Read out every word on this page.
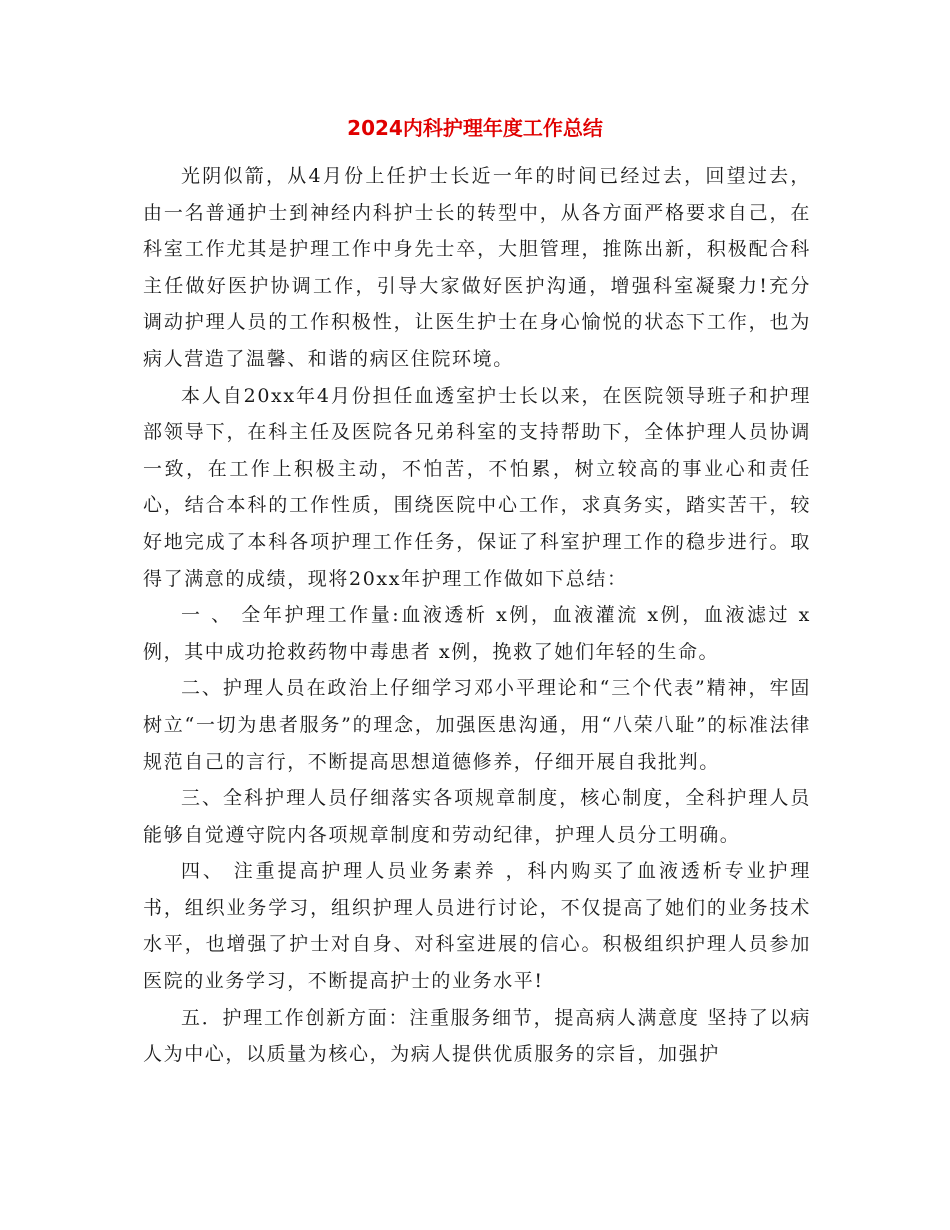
2024内科护理年度工作总结

光阴似箭，从4月份上任护士长近一年的时间已经过去，回望过去，由一名普通护士到神经内科护士长的转型中，从各方面严格要求自己，在科室工作尤其是护理工作中身先士卒，大胆管理，推陈出新，积极配合科主任做好医护协调工作，引导大家做好医护沟通，增强科室凝聚力!充分调动护理人员的工作积极性，让医生护士在身心愉悦的状态下工作，也为病人营造了温馨、和谐的病区住院环境。

本人自20xx年4月份担任血透室护士长以来，在医院领导班子和护理部领导下，在科主任及医院各兄弟科室的支持帮助下，全体护理人员协调一致，在工作上积极主动，不怕苦，不怕累，树立较高的事业心和责任心，结合本科的工作性质，围绕医院中心工作，求真务实，踏实苦干，较好地完成了本科各项护理工作任务，保证了科室护理工作的稳步进行。取得了满意的成绩，现将20xx年护理工作做如下总结：

一 、 全年护理工作量:血液透析 x例，血液灌流 x例，血液滤过 x例，其中成功抢救药物中毒患者 x例，挽救了她们年轻的生命。

二、护理人员在政治上仔细学习邓小平理论和“三个代表”精神，牢固树立“一切为患者服务”的理念，加强医患沟通，用“八荣八耻”的标准法律规范自己的言行，不断提高思想道德修养，仔细开展自我批判。

三、全科护理人员仔细落实各项规章制度，核心制度，全科护理人员能够自觉遵守院内各项规章制度和劳动纪律，护理人员分工明确。

四、 注重提高护理人员业务素养 ，科内购买了血液透析专业护理书，组织业务学习，组织护理人员进行讨论，不仅提高了她们的业务技术水平，也增强了护士对自身、对科室进展的信心。积极组织护理人员参加医院的业务学习，不断提高护士的业务水平!

五．护理工作创新方面：注重服务细节，提高病人满意度 坚持了以病人为中心，以质量为核心，为病人提供优质服务的宗旨，加强护
